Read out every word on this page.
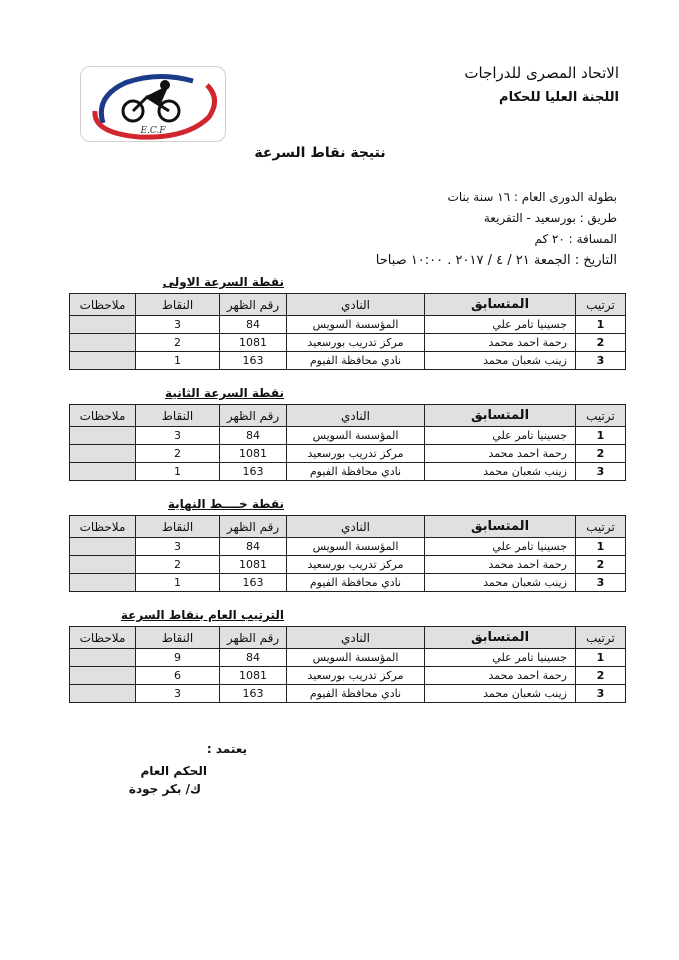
الاتحاد المصرى للدراجات
اللجنة العليا للحكام
E.C.F
نتيجة نقاط السرعة
بطولة الدورى العام : ١٦ سنة بنات
طريق : بورسعيد - التفريعة
المسافة : ٢٠ كم
التاريخ : الجمعة ٢١ / ٤ / ٢٠١٧ . ١٠:٠٠ صباحا
نقطة السرعة الاولى
نقطة السرعة الثانية
نقطة خــــط النهاية
الترتيب العام بنقاط السرعة
ترتيب	المتسابق	النادي	رقم الظهر	النقاط	ملاحظات
1	جسينيا تامر علي	المؤسسة السويس	84	3	
2	رحمة احمد محمد	مركز تدريب بورسعيد	1081	2	
3	زينب شعبان محمد	نادي محافظة الفيوم	163	1	
ترتيب	المتسابق	النادي	رقم الظهر	النقاط	ملاحظات
1	جسينيا تامر علي	المؤسسة السويس	84	3	
2	رحمة احمد محمد	مركز تدريب بورسعيد	1081	2	
3	زينب شعبان محمد	نادي محافظة الفيوم	163	1	
ترتيب	المتسابق	النادي	رقم الظهر	النقاط	ملاحظات
1	جسينيا تامر علي	المؤسسة السويس	84	3	
2	رحمة احمد محمد	مركز تدريب بورسعيد	1081	2	
3	زينب شعبان محمد	نادي محافظة الفيوم	163	1	
ترتيب	المتسابق	النادي	رقم الظهر	النقاط	ملاحظات
1	جسينيا تامر علي	المؤسسة السويس	84	9	
2	رحمة احمد محمد	مركز تدريب بورسعيد	1081	6	
3	زينب شعبان محمد	نادي محافظة الفيوم	163	3	
يعتمد :
الحكم العام
ك/ بكر جودة
